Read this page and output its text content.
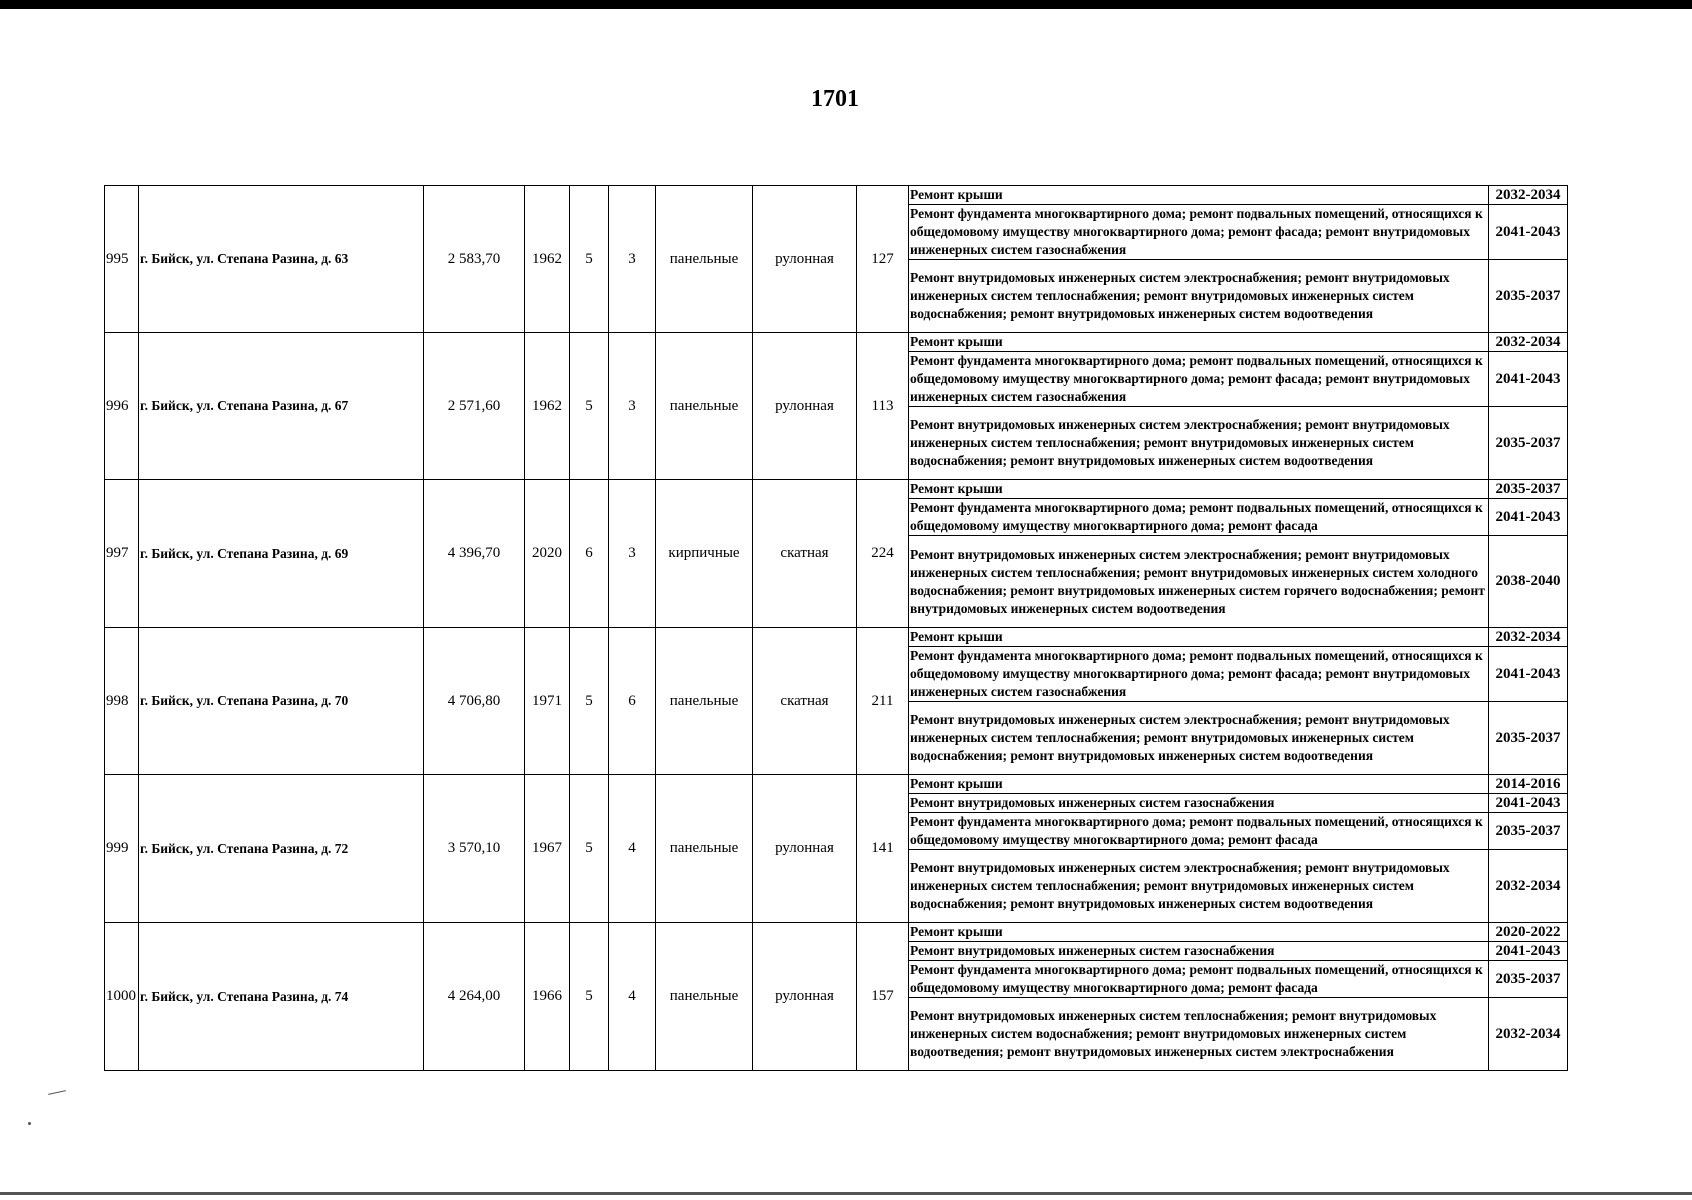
1701
995	г. Бийск, ул. Степана Разина, д. 63	2 583,70	1962	5	3	панельные	рулонная	127	Ремонт крыши	2032-2034
									Ремонт фундамента многоквартирного дома; ремонт подвальных помещений, относящихся к общедомовому имуществу многоквартирного дома; ремонт фасада; ремонт внутридомовых инженерных систем газоснабжения	2041-2043
									Ремонт внутридомовых инженерных систем электроснабжения; ремонт внутридомовых инженерных систем теплоснабжения; ремонт внутридомовых инженерных систем водоснабжения; ремонт внутридомовых инженерных систем водоотведения	2035-2037
996	г. Бийск, ул. Степана Разина, д. 67	2 571,60	1962	5	3	панельные	рулонная	113	Ремонт крыши	2032-2034
									Ремонт фундамента многоквартирного дома; ремонт подвальных помещений, относящихся к общедомовому имуществу многоквартирного дома; ремонт фасада; ремонт внутридомовых инженерных систем газоснабжения	2041-2043
									Ремонт внутридомовых инженерных систем электроснабжения; ремонт внутридомовых инженерных систем теплоснабжения; ремонт внутридомовых инженерных систем водоснабжения; ремонт внутридомовых инженерных систем водоотведения	2035-2037
997	г. Бийск, ул. Степана Разина, д. 69	4 396,70	2020	6	3	кирпичные	скатная	224	Ремонт крыши	2035-2037
									Ремонт фундамента многоквартирного дома; ремонт подвальных помещений, относящихся к общедомовому имуществу многоквартирного дома; ремонт фасада	2041-2043
									Ремонт внутридомовых инженерных систем электроснабжения; ремонт внутридомовых инженерных систем теплоснабжения; ремонт внутридомовых инженерных систем холодного водоснабжения; ремонт внутридомовых инженерных систем горячего водоснабжения; ремонт внутридомовых инженерных систем водоотведения	2038-2040
998	г. Бийск, ул. Степана Разина, д. 70	4 706,80	1971	5	6	панельные	скатная	211	Ремонт крыши	2032-2034
									Ремонт фундамента многоквартирного дома; ремонт подвальных помещений, относящихся к общедомовому имуществу многоквартирного дома; ремонт фасада; ремонт внутридомовых инженерных систем газоснабжения	2041-2043
									Ремонт внутридомовых инженерных систем электроснабжения; ремонт внутридомовых инженерных систем теплоснабжения; ремонт внутридомовых инженерных систем водоснабжения; ремонт внутридомовых инженерных систем водоотведения	2035-2037
999	г. Бийск, ул. Степана Разина, д. 72	3 570,10	1967	5	4	панельные	рулонная	141	Ремонт крыши	2014-2016
									Ремонт внутридомовых инженерных систем газоснабжения	2041-2043
									Ремонт фундамента многоквартирного дома; ремонт подвальных помещений, относящихся к общедомовому имуществу многоквартирного дома; ремонт фасада	2035-2037
									Ремонт внутридомовых инженерных систем электроснабжения; ремонт внутридомовых инженерных систем теплоснабжения; ремонт внутридомовых инженерных систем водоснабжения; ремонт внутридомовых инженерных систем водоотведения	2032-2034
1000	г. Бийск, ул. Степана Разина, д. 74	4 264,00	1966	5	4	панельные	рулонная	157	Ремонт крыши	2020-2022
									Ремонт внутридомовых инженерных систем газоснабжения	2041-2043
									Ремонт фундамента многоквартирного дома; ремонт подвальных помещений, относящихся к общедомовому имуществу многоквартирного дома; ремонт фасада	2035-2037
									Ремонт внутридомовых инженерных систем теплоснабжения; ремонт внутридомовых инженерных систем водоснабжения; ремонт внутридомовых инженерных систем водоотведения; ремонт внутридомовых инженерных систем электроснабжения	2032-2034
